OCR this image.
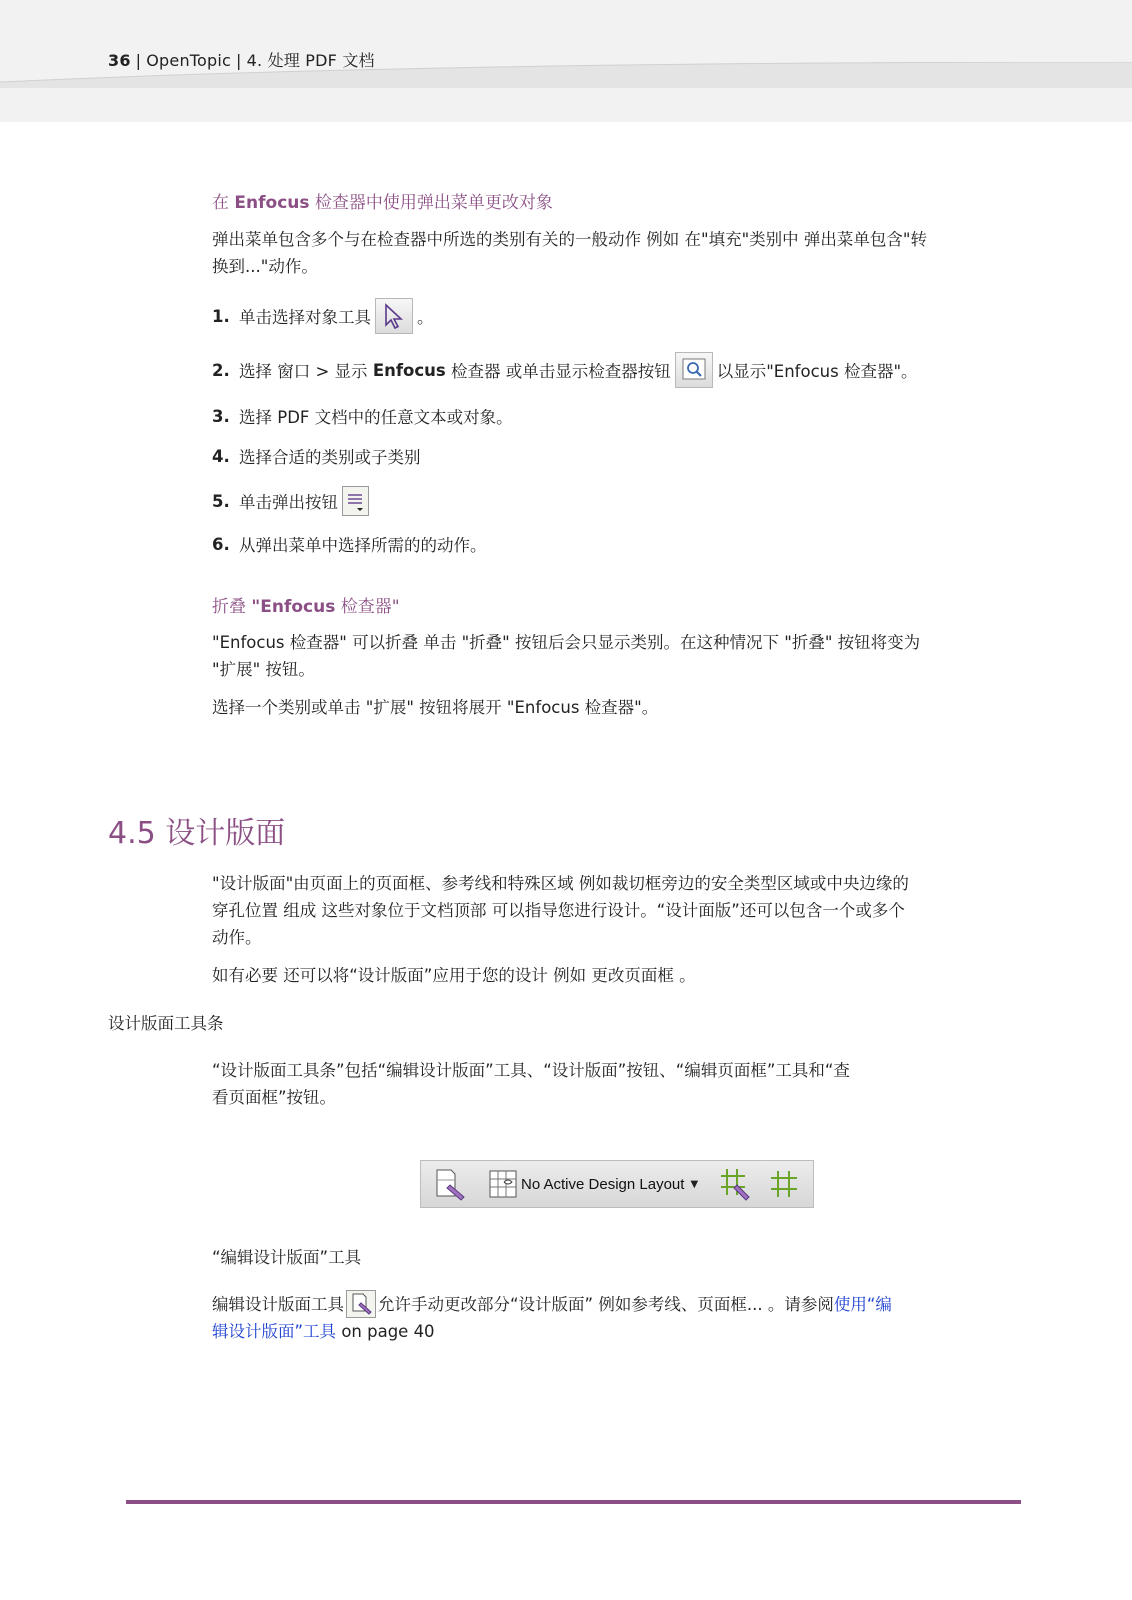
36 | OpenTopic | 4. 处理 PDF 文档
在 Enfocus 检查器中使用弹出菜单更改对象
弹出菜单包含多个与在检查器中所选的类别有关的一般动作 例如 在"填充"类别中 弹出菜单包含"转
换到..."动作。
1. 单击选择对象工具	。
2. 选择 窗口 > 显示
Enfocus
检查器 或单击显示检查器按钮	以显示"Enfocus 检查器"。
3. 选择 PDF 文档中的任意文本或对象。
4. 选择合适的类别或子类别
5. 单击弹出按钮
6. 从弹出菜单中选择所需的的动作。
折叠 "Enfocus 检查器"
"Enfocus 检查器" 可以折叠 单击 "折叠" 按钮后会只显示类别。在这种情况下 "折叠" 按钮将变为
"扩展" 按钮。
选择一个类别或单击 "扩展" 按钮将展开 "Enfocus 检查器"。
4.5 设计版面
"设计版面"由页面上的页面框、参考线和特殊区域 例如裁切框旁边的安全类型区域或中央边缘的
穿孔位置 组成 这些对象位于文档顶部 可以指导您进行设计。“设计面版”还可以包含一个或多个
动作。
如有必要 还可以将“设计版面”应用于您的设计 例如 更改页面框 。
设计版面工具条
“设计版面工具条”包括“编辑设计版面”工具、“设计版面”按钮、“编辑页面框”工具和“查
看页面框”按钮。
No Active Design Layout ▼
“编辑设计版面”工具
编辑设计版面工具 允许手动更改部分“设计版面” 例如参考线、页面框... 。请参阅 使用“编
辑设计版面”工具 on page 40
